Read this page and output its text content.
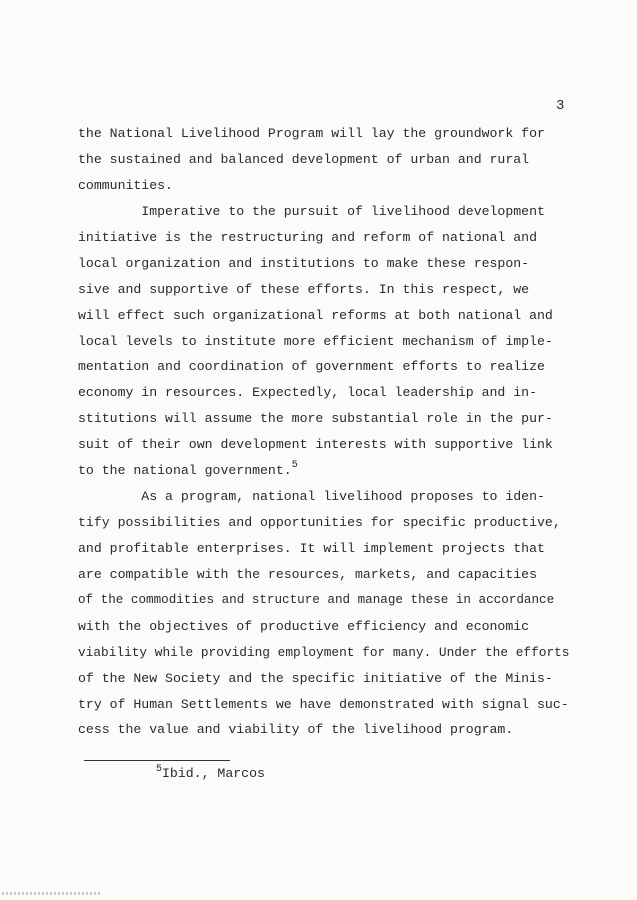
3
the National Livelihood Program will lay the groundwork for
the sustained and balanced development of urban and rural
communities.
Imperative to the pursuit of livelihood development
initiative is the restructuring and reform of national and
local organization and institutions to make these respon-
sive and supportive of these efforts. In this respect, we
will effect such organizational reforms at both national and
local levels to institute more efficient mechanism of imple-
mentation and coordination of government efforts to realize
economy in resources. Expectedly, local leadership and in-
stitutions will assume the more substantial role in the pur-
suit of their own development interests with supportive link
to the national government.$^5$
As a program, national livelihood proposes to iden-
tify possibilities and opportunities for specific productive,
and profitable enterprises. It will implement projects that
are compatible with the resources, markets, and capacities
of the commodities and structure and manage these in accordance
with the objectives of productive efficiency and economic
viability while providing employment for many. Under the efforts
of the New Society and the specific initiative of the Minis-
try of Human Settlements we have demonstrated with signal suc-
cess the value and viability of the livelihood program.
$^5$Ibid., Marcos
